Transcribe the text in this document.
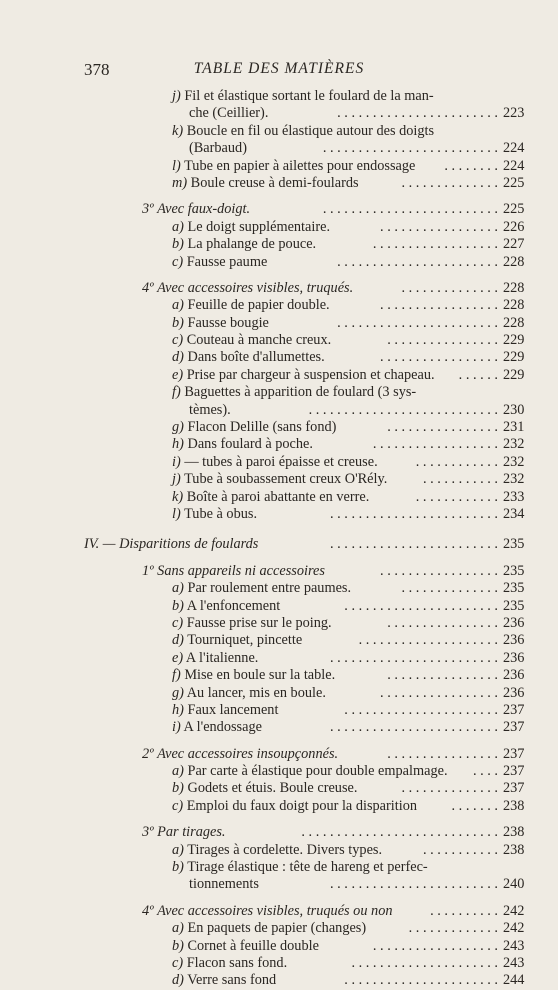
378	TABLE DES MATIÈRES
j) Fil et élastique sortant le foulard de la man-
che (Ceillier).	223
. . . . . . . . . . . . . . . . . . . . . . .
k) Boucle en fil ou élastique autour des doigts
(Barbaud)	224
. . . . . . . . . . . . . . . . . . . . . . . . .
l) Tube en papier à ailettes pour endossage	224
. . . . . . . .
m) Boule creuse à demi-foulards	225
. . . . . . . . . . . . . .
3º Avec faux-doigt.	225
. . . . . . . . . . . . . . . . . . . . . . . . .
a) Le doigt supplémentaire.	226
. . . . . . . . . . . . . . . . .
b) La phalange de pouce.	227
. . . . . . . . . . . . . . . . . .
c) Fausse paume	228
. . . . . . . . . . . . . . . . . . . . . . .
4º Avec accessoires visibles, truqués.	228
. . . . . . . . . . . . . .
a) Feuille de papier double.	228
. . . . . . . . . . . . . . . . .
b) Fausse bougie	228
. . . . . . . . . . . . . . . . . . . . . . .
c) Couteau à manche creux.	229
. . . . . . . . . . . . . . . .
d) Dans boîte d'allumettes.	229
. . . . . . . . . . . . . . . . .
e) Prise par chargeur à suspension et chapeau.	229
. . . . . .
f) Baguettes à apparition de foulard (3 sys-
tèmes).	230
. . . . . . . . . . . . . . . . . . . . . . . . . . .
g) Flacon Delille (sans fond)	231
. . . . . . . . . . . . . . . .
h) Dans foulard à poche.	232
. . . . . . . . . . . . . . . . . .
i) — tubes à paroi épaisse et creuse.	232
. . . . . . . . . . . .
j) Tube à soubassement creux O'Rély.	232
. . . . . . . . . . .
k) Boîte à paroi abattante en verre.	233
. . . . . . . . . . . .
l) Tube à obus.	234
. . . . . . . . . . . . . . . . . . . . . . . .
IV. — Disparitions de foulards	235
. . . . . . . . . . . . . . . . . . . . . . . .
1º Sans appareils ni accessoires	235
. . . . . . . . . . . . . . . . .
a) Par roulement entre paumes.	235
. . . . . . . . . . . . . .
b) A l'enfoncement	235
. . . . . . . . . . . . . . . . . . . . . .
c) Fausse prise sur le poing.	236
. . . . . . . . . . . . . . . .
d) Tourniquet, pincette	236
. . . . . . . . . . . . . . . . . . . .
e) A l'italienne.	236
. . . . . . . . . . . . . . . . . . . . . . . .
f) Mise en boule sur la table.	236
. . . . . . . . . . . . . . . .
g) Au lancer, mis en boule.	236
. . . . . . . . . . . . . . . . .
h) Faux lancement	237
. . . . . . . . . . . . . . . . . . . . . .
i) A l'endossage	237
. . . . . . . . . . . . . . . . . . . . . . . .
2º Avec accessoires insoupçonnés.	237
. . . . . . . . . . . . . . . .
a) Par carte à élastique pour double empalmage.	237
. . . .
b) Godets et étuis. Boule creuse.	237
. . . . . . . . . . . . . .
c) Emploi du faux doigt pour la disparition	238
. . . . . . .
3º Par tirages.	238
. . . . . . . . . . . . . . . . . . . . . . . . . . . .
a) Tirages à cordelette. Divers types.	238
. . . . . . . . . . .
b) Tirage élastique : tête de hareng et perfec-
tionnements	240
. . . . . . . . . . . . . . . . . . . . . . . .
4º Avec accessoires visibles, truqués ou non	242
. . . . . . . . . .
a) En paquets de papier (changes)	242
. . . . . . . . . . . . .
b) Cornet à feuille double	243
. . . . . . . . . . . . . . . . . .
c) Flacon sans fond.	243
. . . . . . . . . . . . . . . . . . . . .
d) Verre sans fond	244
. . . . . . . . . . . . . . . . . . . . . .
